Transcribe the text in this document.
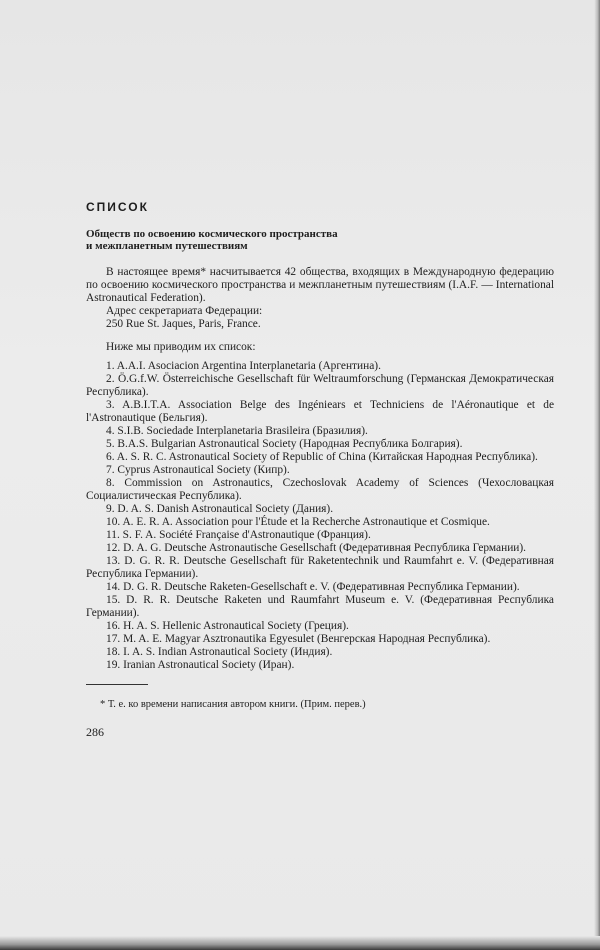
СПИСОК
Обществ по освоению космического пространства
и межпланетным путешествиям

В настоящее время* насчитывается 42 общества, входящих в Международную федерацию по освоению космического пространства и межпланетным путешествиям (I.A.F. — International Astronautical Federation).

Адрес секретариата Федерации:
250 Rue St. Jaques, Paris, France.
Ниже мы приводим их список:
1. A.A.I. Asociacion Argentina Interplanetaria (Аргентина).
2. Ö.G.f.W. Österreichische Gesellschaft für Weltraumforschung (Германская Демократическая Республика).
3. A.B.I.T.A. Association Belge des Ingéniears et Techniciens de l'Aéronautique et de l'Astronautique (Бельгия).
4. S.I.B. Sociedade Interplanetaria Brasileira (Бразилия).
5. B.A.S. Bulgarian Astronautical Society (Народная Республика Болгария).
6. A. S. R. C. Astronautical Society of Republic of China (Китайская Народная Республика).
7. Cyprus Astronautical Society (Кипр).
8. Commission on Astronautics, Czechoslovak Academy of Sciences (Чехословацкая Социалистическая Республика).
9. D. A. S. Danish Astronautical Society (Дания).
10. A. E. R. A. Association pour l'Étude et la Recherche Astronautique et Cosmique.
11. S. F. A. Société Française d'Astronautique (Франция).
12. D. A. G. Deutsche Astronautische Gesellschaft (Федеративная Республика Германии).
13. D. G. R. R. Deutsche Gesellschaft für Raketentechnik und Raumfahrt e. V. (Федеративная Республика Германии).
14. D. G. R. Deutsche Raketen-Gesellschaft e. V. (Федеративная Республика Германии).
15. D. R. R. Deutsche Raketen und Raumfahrt Museum e. V. (Федеративная Республика Германии).
16. H. A. S. Hellenic Astronautical Society (Греция).
17. M. A. E. Magyar Asztronautika Egyesulet (Венгерская Народная Республика).
18. I. A. S. Indian Astronautical Society (Индия).
19. Iranian Astronautical Society (Иран).

* Т. е. ко времени написания автором книги. (Прим. перев.)

286
